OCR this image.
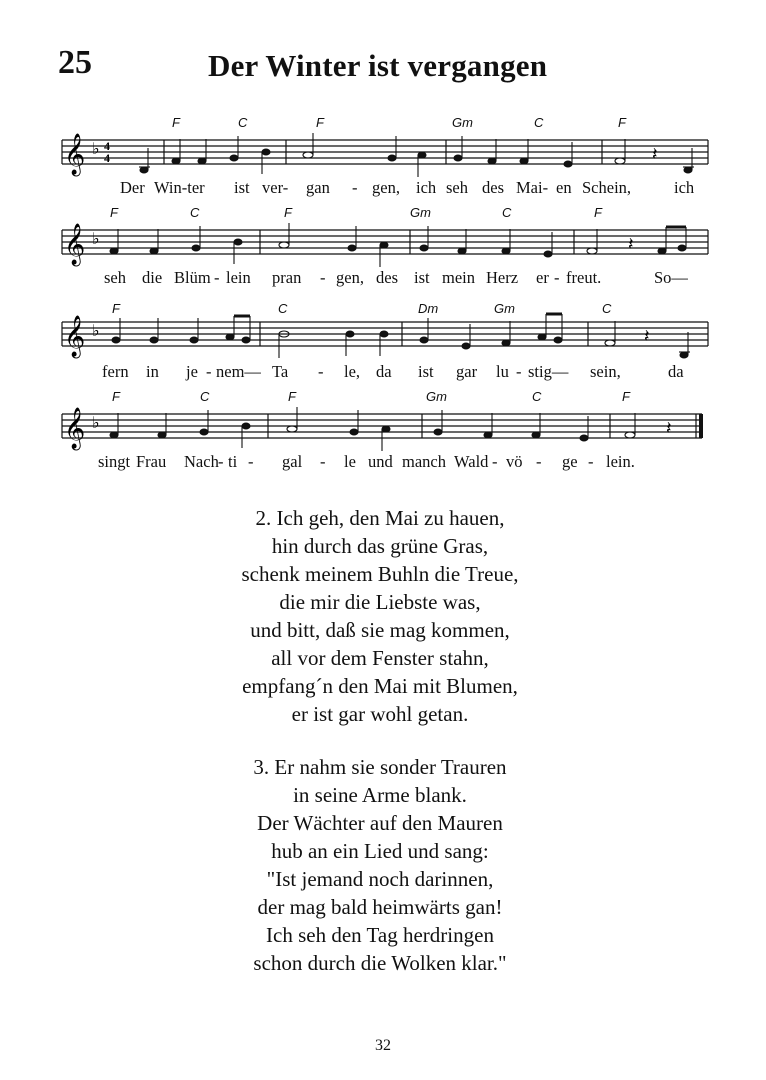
25	Der Winter ist vergangen
F	C	F	Gm	C	F
𝄞 ♭ 4
4	𝄽
Der Win-ter ist ver- gan - gen, ich seh des Mai- en Schein,	ich
F	C	F	Gm	C	F
𝄞 ♭	𝄽
seh die Blüm - lein pran - gen, des ist mein Herz er - freut.	So—
F	C	Dm	Gm	C
𝄞 ♭	𝄽
fern in je - nem— Ta - le, da ist gar lu - stig— sein,	da
F	C	F	Gm	C	F
𝄞 ♭	𝄽
singt Frau Nach - ti - gal - le und manch Wald - vö - ge - lein.
2. Ich geh, den Mai zu hauen,
hin durch das grüne Gras,
schenk meinem Buhln die Treue,
die mir die Liebste was,
und bitt, daß sie mag kommen,
all vor dem Fenster stahn,
empfang´n den Mai mit Blumen,
er ist gar wohl getan.
3. Er nahm sie sonder Trauren
in seine Arme blank.
Der Wächter auf den Mauren
hub an ein Lied und sang:
"Ist jemand noch darinnen,
der mag bald heimwärts gan!
Ich seh den Tag herdringen
schon durch die Wolken klar."
32
